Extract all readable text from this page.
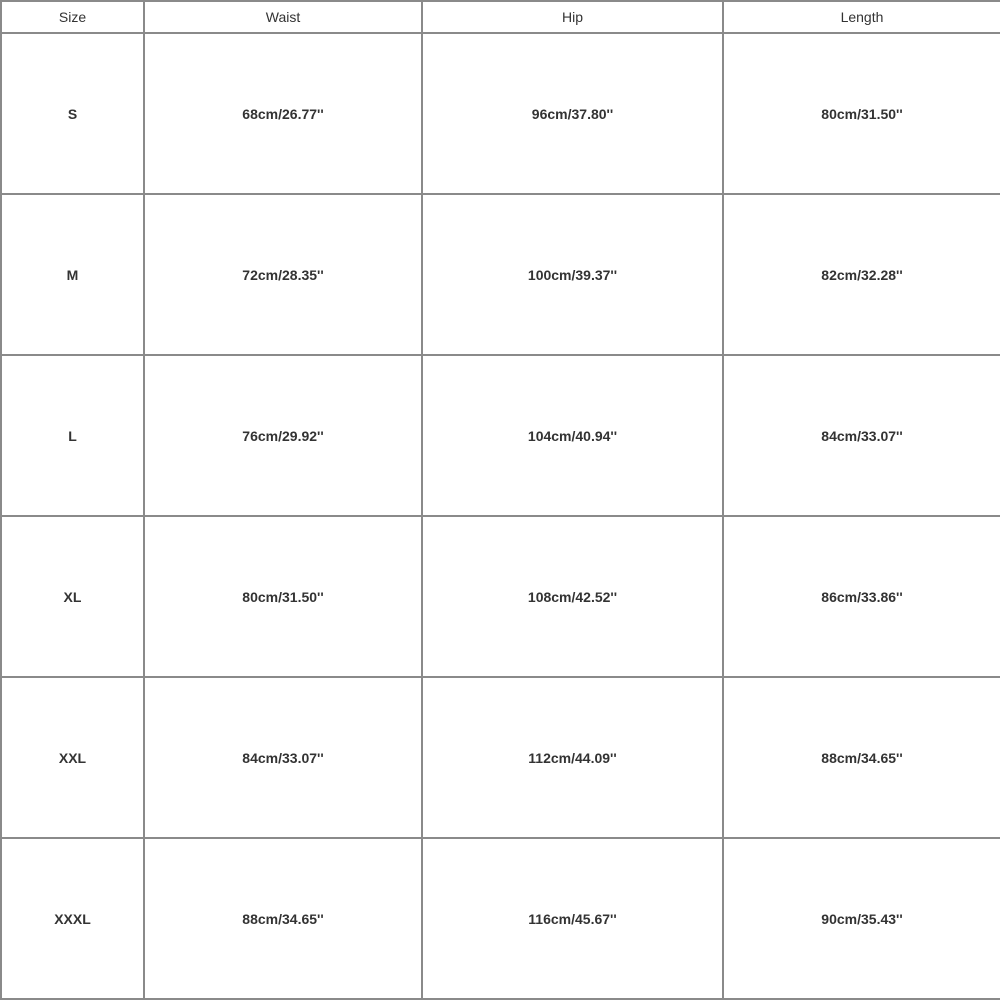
Size	Waist	Hip	Length
S	68cm/26.77''	96cm/37.80''	80cm/31.50''
M	72cm/28.35''	100cm/39.37''	82cm/32.28''
L	76cm/29.92''	104cm/40.94''	84cm/33.07''
XL	80cm/31.50''	108cm/42.52''	86cm/33.86''
XXL	84cm/33.07''	112cm/44.09''	88cm/34.65''
XXXL	88cm/34.65''	116cm/45.67''	90cm/35.43''
